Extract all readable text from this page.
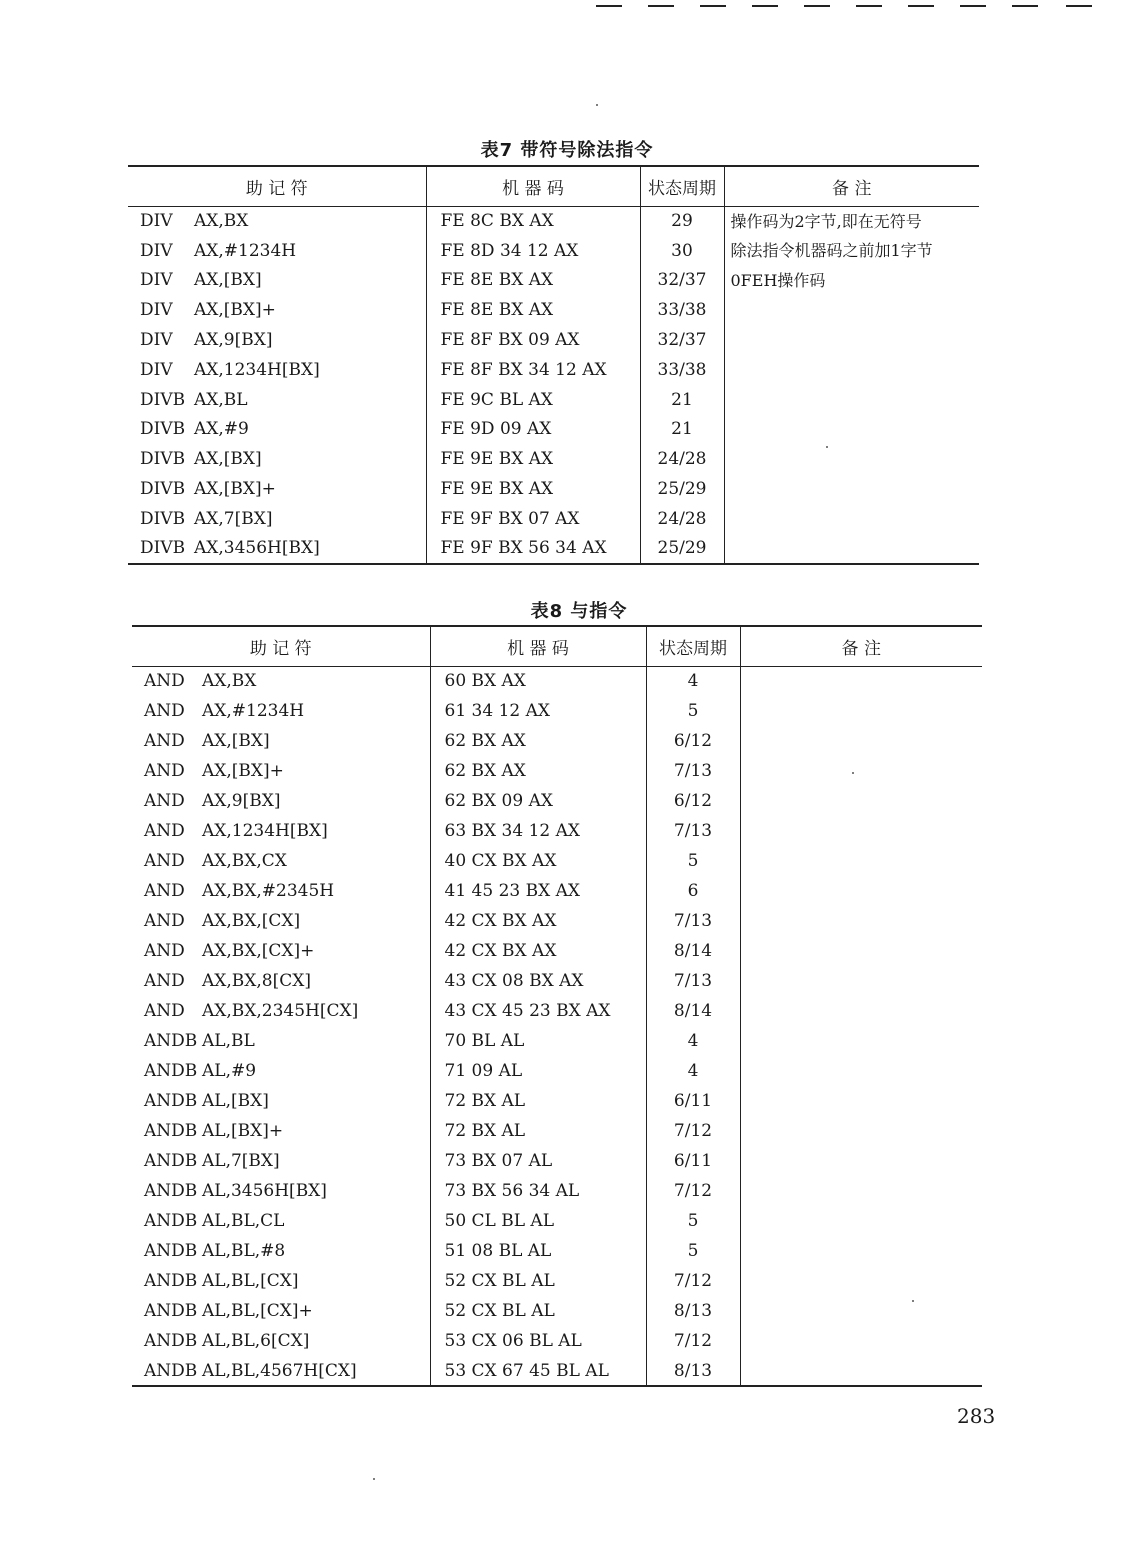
表7 带符号除法指令
助 记 符	机 器 码	状态周期	备 注
DIV AX,BX	FE 8C BX AX	29	操作码为2字节,即在无符号
除法指令机器码之前加1字节
0FEH操作码

DIV AX,#1234H	FE 8D 34 12 AX	30	
DIV AX,[BX]	FE 8E BX AX	32/37	
DIV AX,[BX]+	FE 8E BX AX	33/38	
DIV AX,9[BX]	FE 8F BX 09 AX	32/37	
DIV AX,1234H[BX]	FE 8F BX 34 12 AX	33/38	
DIVB AX,BL	FE 9C BL AX	21	
DIVB AX,#9	FE 9D 09 AX	21	
DIVB AX,[BX]	FE 9E BX AX	24/28	
DIVB AX,[BX]+	FE 9E BX AX	25/29	
DIVB AX,7[BX]	FE 9F BX 07 AX	24/28	
DIVB AX,3456H[BX]	FE 9F BX 56 34 AX	25/29	
表8 与指令
助 记 符	机 器 码	状态周期	备 注
AND AX,BX	60 BX AX	4	
AND AX,#1234H	61 34 12 AX	5	
AND AX,[BX]	62 BX AX	6/12	
AND AX,[BX]+	62 BX AX	7/13	
AND AX,9[BX]	62 BX 09 AX	6/12	
AND AX,1234H[BX]	63 BX 34 12 AX	7/13	
AND AX,BX,CX	40 CX BX AX	5	
AND AX,BX,#2345H	41 45 23 BX AX	6	
AND AX,BX,[CX]	42 CX BX AX	7/13	
AND AX,BX,[CX]+	42 CX BX AX	8/14	
AND AX,BX,8[CX]	43 CX 08 BX AX	7/13	
AND AX,BX,2345H[CX]	43 CX 45 23 BX AX	8/14	
ANDB AL,BL	70 BL AL	4	
ANDB AL,#9	71 09 AL	4	
ANDB AL,[BX]	72 BX AL	6/11	
ANDB AL,[BX]+	72 BX AL	7/12	
ANDB AL,7[BX]	73 BX 07 AL	6/11	
ANDB AL,3456H[BX]	73 BX 56 34 AL	7/12	
ANDB AL,BL,CL	50 CL BL AL	5	
ANDB AL,BL,#8	51 08 BL AL	5	
ANDB AL,BL,[CX]	52 CX BL AL	7/12	
ANDB AL,BL,[CX]+	52 CX BL AL	8/13	
ANDB AL,BL,6[CX]	53 CX 06 BL AL	7/12	
ANDB AL,BL,4567H[CX]	53 CX 67 45 BL AL	8/13	
283
